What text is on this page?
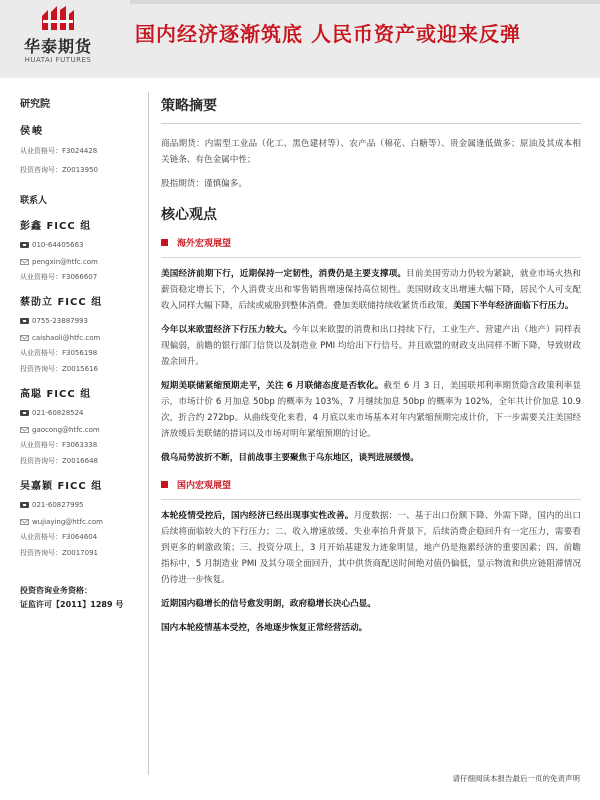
华泰期货
HUATAI FUTURES
国内经济逐渐筑底 人民币资产或迎来反弹
研究院
侯峻
从业资格号：F3024428
投资咨询号：Z0013950
联系人
彭鑫 FICC 组
010-64405663
pengxin@htfc.com
从业资格号：F3066607
蔡劭立 FICC 组
0755-23887993
caishaoli@htfc.com
从业资格号：F3056198
投资咨询号：Z0015616
高聪 FICC 组
021-60828524
gaocong@htfc.com
从业资格号：F3063338
投资咨询号：Z0016648
吴嘉颖 FICC 组
021-60827995
wujiaying@htfc.com
从业资格号：F3064604
投资咨询号：Z0017091
投资咨询业务资格：
证监许可【2011】1289 号
策略摘要

商品期货：内需型工业品（化工、黑色建材等）、农产品（棉花、白糖等）、贵金属逢低做多；原油及其成本相关链条、有色金属中性；

股指期货：谨慎偏多。

核心观点
海外宏观展望

美国经济前期下行，近期保持一定韧性，消费仍是主要支撑项。目前美国劳动力仍较为紧缺，就业市场火热和薪资稳定增长下，个人消费支出和零售销售增速保持高位韧性。美国财政支出增速大幅下降，居民个人可支配收入同样大幅下降，后续或威胁到整体消费。叠加美联储持续收紧货币政策，美国下半年经济面临下行压力。

今年以来欧盟经济下行压力较大。今年以来欧盟的消费和出口持续下行，工业生产、营建产出（地产）同样表现偏弱，前瞻的银行部门信贷以及制造业 PMI 均给出下行信号。并且欧盟的财政支出同样不断下降，导致财政盈余回升。

短期美联储紧缩预期走平，关注 6 月联储态度是否软化。截至 6 月 3 日，美国联邦利率期货隐含政策利率显示，市场计价 6 月加息 50bp 的概率为 103%，7 月继续加息 50bp 的概率为 102%，全年共计价加息 10.9 次，折合约 272bp。从曲线变化来看，4 月底以来市场基本对年内紧缩预期完成计价，下一步需要关注美国经济放缓后美联储的措词以及市场对明年紧缩预期的讨论。

俄乌局势波折不断，目前战事主要聚焦于乌东地区，谈判进展缓慢。

国内宏观展望

本轮疫情受控后，国内经济已经出现事实性改善。月度数据：一、基于出口份额下降、外需下降，国内的出口后续将面临较大的下行压力；二、收入增速放缓、失业率抬升背景下，后续消费企稳回升有一定压力，需要看到更多的刺激政策；三、投资分项上，3 月开始基建发力迹象明显，地产仍是拖累经济的重要因素；四、前瞻指标中，5 月制造业 PMI 及其分项全面回升，其中供货商配送时间绝对值仍偏低，显示物流和供应链阻滞情况仍待进一步恢复。

近期国内稳增长的信号愈发明朗，政府稳增长决心凸显。

国内本轮疫情基本受控，各地逐步恢复正常经营活动。

请仔细阅读本报告最后一页的免责声明
